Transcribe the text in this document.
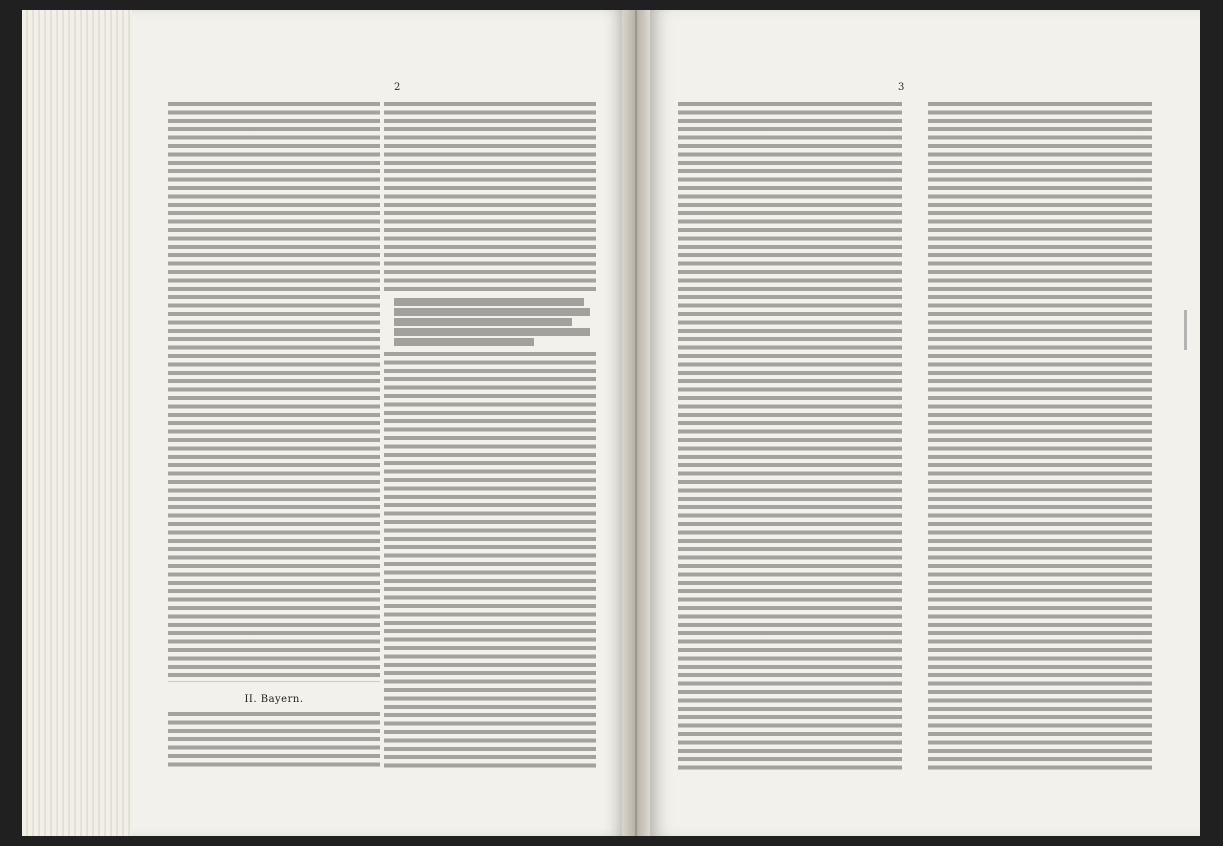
2
II. Bayern.
3
